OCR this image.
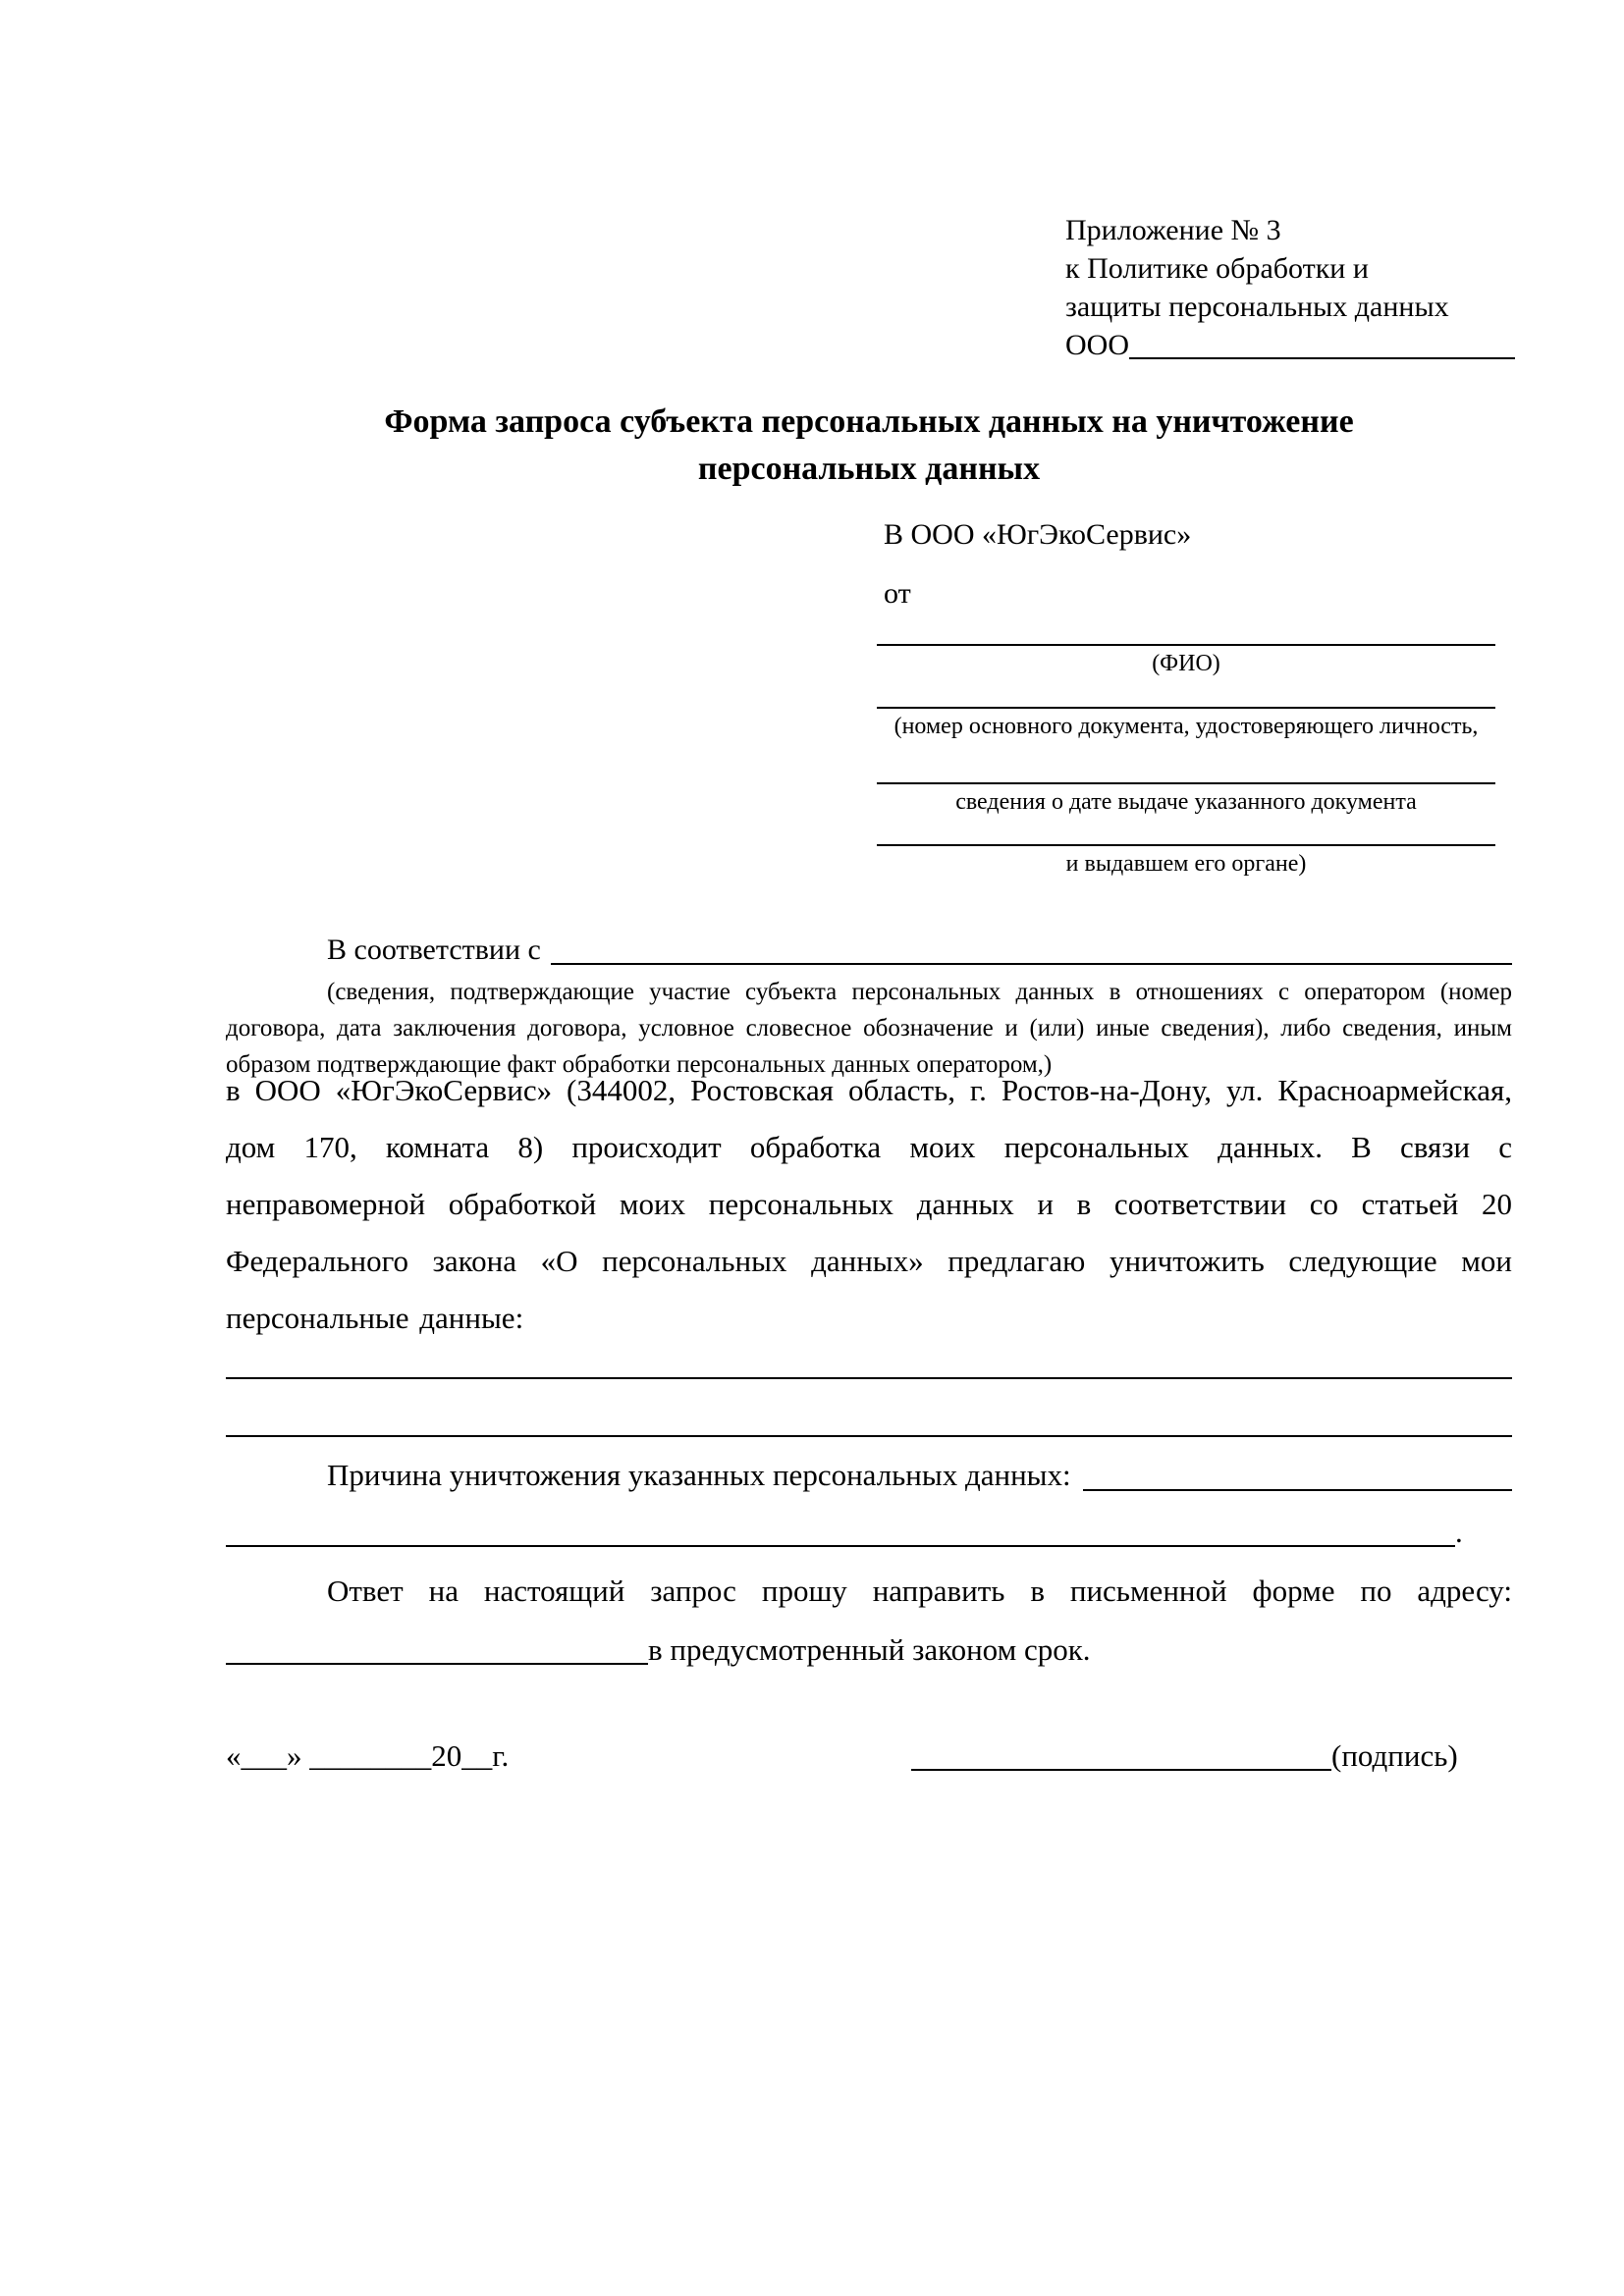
Приложение № 3
к Политике обработки и
защиты персональных данных
ООО
Форма запроса субъекта персональных данных на уничтожение
персональных данных
В ООО «ЮгЭкоСервис»
от
(ФИО)
(номер основного документа, удостоверяющего личность,
сведения о дате выдаче указанного документа
и выдавшем его органе)
В соответствии с
(сведения, подтверждающие участие субъекта персональных данных в отношениях с оператором (номер договора, дата заключения договора, условное словесное обозначение и (или) иные сведения), либо сведения, иным образом подтверждающие факт обработки персональных данных оператором,)
в ООО «ЮгЭкоСервис» (344002, Ростовская область, г. Ростов-на-Дону, ул. Красноармейская, дом 170, комната 8) происходит обработка моих персональных данных. В связи с неправомерной обработкой моих персональных данных и в соответствии со статьей 20 Федерального закона «О персональных данных» предлагаю уничтожить следующие мои персональные данные:
Причина уничтожения указанных персональных данных:
.
Ответ на настоящий запрос прошу направить в письменной форме по адресу:
в предусмотренный законом срок.
«___» ________20__г.	(подпись)
